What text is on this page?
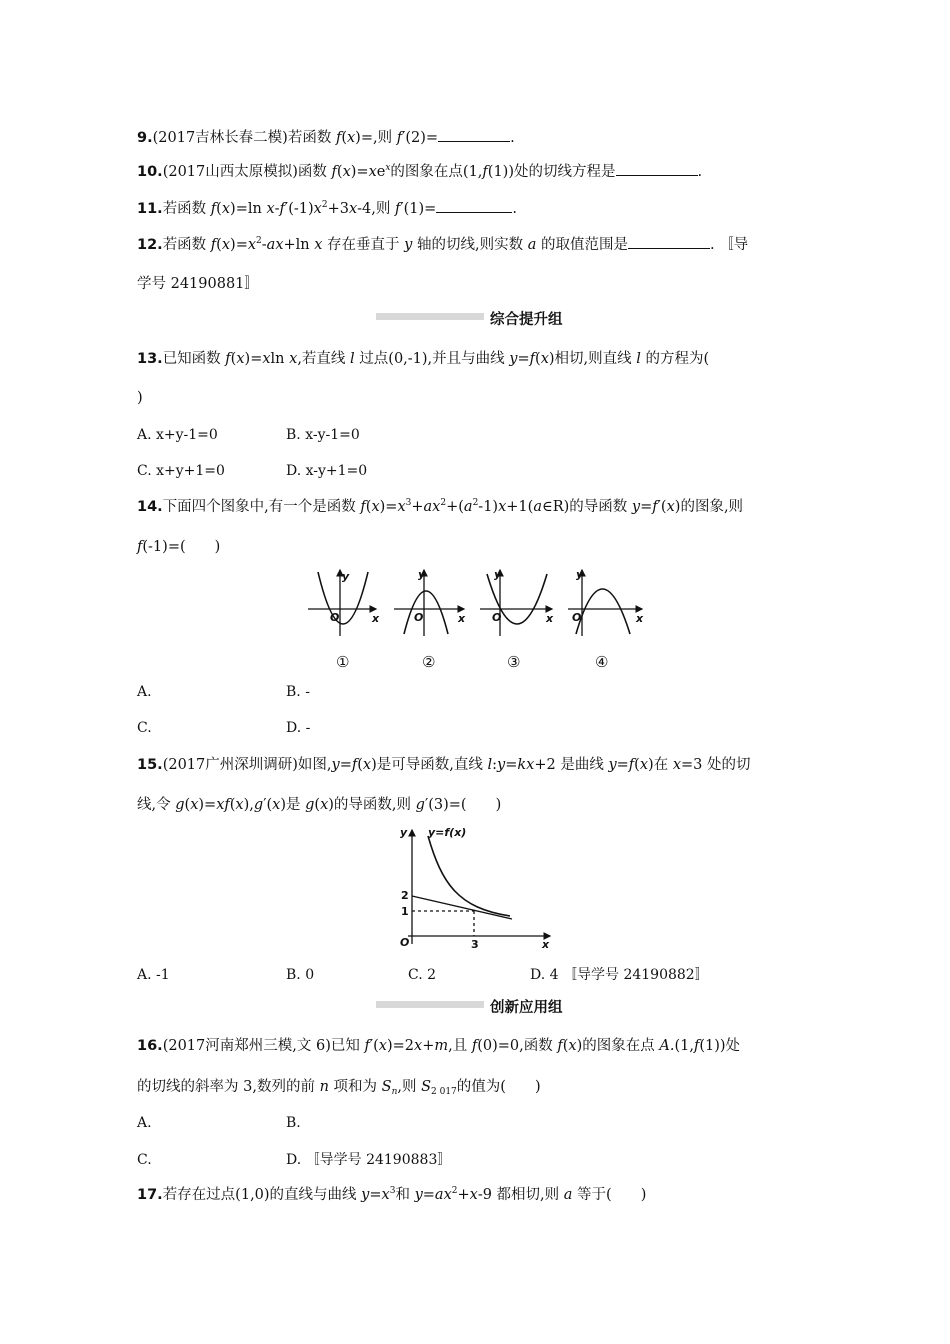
9.(2017吉林长春二模)若函数 f(x)=,则 f′(2)=	.
10.(2017山西太原模拟)函数 $f(x)=xe^x$的图象在点(1,f(1))处的切线方程是	.
11.若函数 f(x)=ln $x-f'(-1)x^2+3x-4$,则 f′(1)=	.
12.若函数 $f(x)=x^2-ax+\ln$ x 存在垂直于 y 轴的切线,则实数 a 的取值范围是	. 〚导
学号 24190881〛
综合提升组
13.已知函数 f(x)=xln x,若直线 l 过点(0,-1),并且与曲线 y=f(x)相切,则直线 l 的方程为(
)
A. x+y-1=0	B. x-y-1=0
C. x+y+1=0	D. x-y+1=0
14.下面四个图象中,有一个是函数 $f(x)=x^3+ax^2+(a^2-1)x+1(a\in R)$的导函数 y=f′(x)的图象,则
f(-1)=(　　)
y
x
O
y
x
O
y
x
O
y
x
O
①	②	③	④
A.	B. -
C.	D. -
15.(2017广州深圳调研)如图,y=f(x)是可导函数,直线 l:y=kx+2 是曲线 y=f(x)在 x=3 处的切
线,令 g(x)=xf(x),g′(x)是 g(x)的导函数,则 g′(3)=(　　)
y y=f(x)
2
1
O	3	x
A. -1	B. 0	C. 2	D. 4 〚导学号 24190882〛
创新应用组
16.(2017河南郑州三模,文 6)已知 f′(x)=2x+m,且 f(0)=0,函数 f(x)的图象在点 A.(1,f(1))处
的切线的斜率为 3,数列的前 n 项和为 $S_n$,则 $S_{2 017}$的值为(　　)
A.	B.
C.	D. 〚导学号 24190883〛
17.若存在过点(1,0)的直线与曲线 $y=x^3$和 $y=ax^2+x-9$ 都相切,则 a 等于(　　)
